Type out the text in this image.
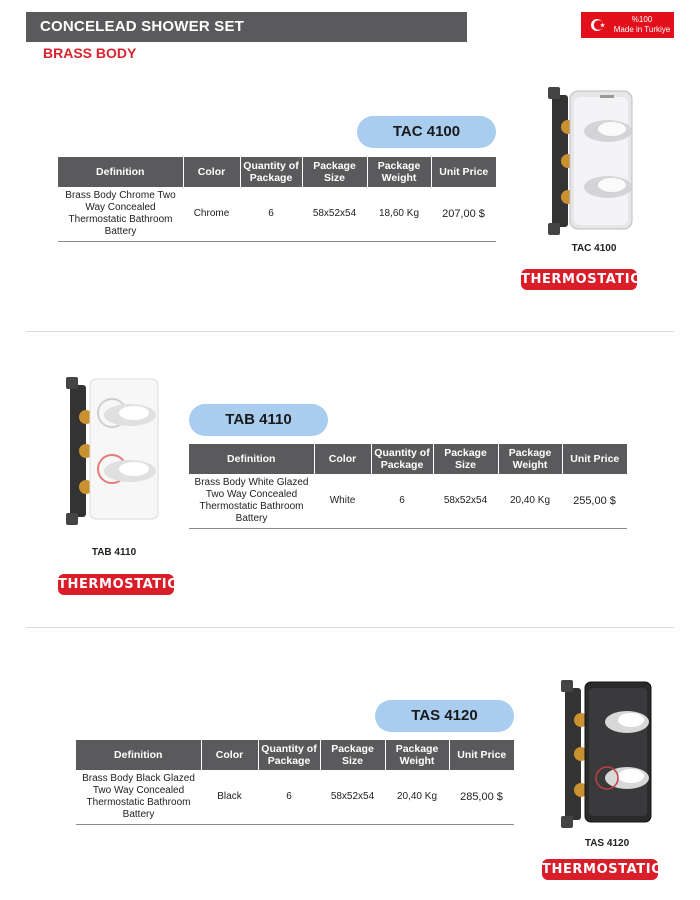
CONCELEAD SHOWER SET
BRASS BODY
%100
Made in Turkiye
TAC 4100
Definition	Color	Quantity of Package	Package Size	Package Weight	Unit Price
Brass Body Chrome Two Way Concealed Thermostatic Bathroom Battery	Chrome	6	58x52x54	18,60 Kg	207,00 $
TAC 4100
THERMOSTATIC
TAB 4110
THERMOSTATIC
TAB 4110
Definition	Color	Quantity of Package	Package Size	Package Weight	Unit Price
Brass Body White Glazed Two Way Concealed Thermostatic Bathroom Battery	White	6	58x52x54	20,40 Kg	255,00 $
TAS 4120
Definition	Color	Quantity of Package	Package Size	Package Weight	Unit Price
Brass Body Black Glazed Two Way Concealed Thermostatic Bathroom Battery	Black	6	58x52x54	20,40 Kg	285,00 $
TAS 4120
THERMOSTATIC
